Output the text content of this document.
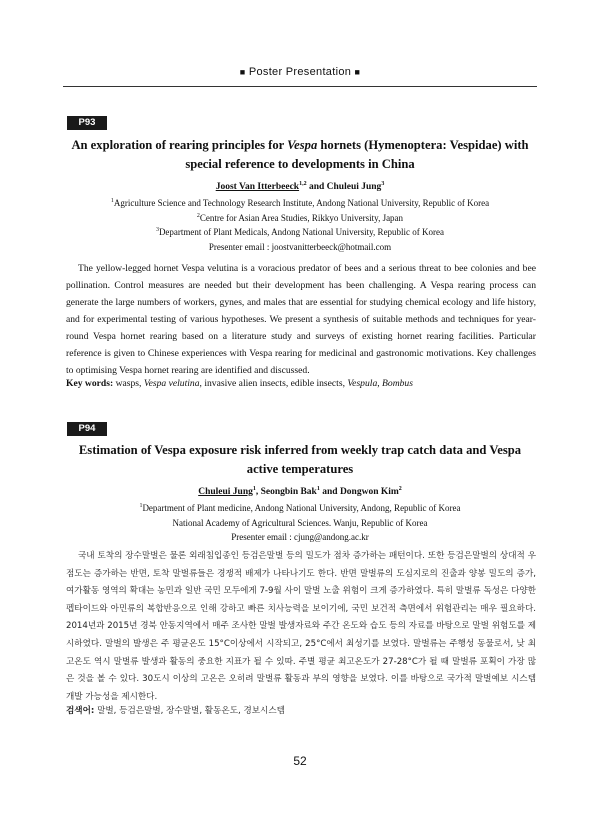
■ Poster Presentation ■
P93
An exploration of rearing principles for Vespa hornets (Hymenoptera: Vespidae) with special reference to developments in China
Joost Van Itterbeeck$^{1,2}$ and Chuleui Jung$^3$
$^1$Agriculture Science and Technology Research Institute, Andong National University, Republic of Korea
$^2$Centre for Asian Area Studies, Rikkyo University, Japan
$^3$Department of Plant Medicals, Andong National University, Republic of Korea
Presenter email : joostvanitterbeeck@hotmail.com

The yellow-legged hornet Vespa velutina is a voracious predator of bees and a serious threat to bee colonies and bee pollination. Control measures are needed but their development has been challenging. A Vespa rearing process can generate the large numbers of workers, gynes, and males that are essential for studying chemical ecology and life history, and for experimental testing of various hypotheses. We present a synthesis of suitable methods and techniques for year-round Vespa hornet rearing based on a literature study and surveys of existing hornet rearing facilities. Particular reference is given to Chinese experiences with Vespa rearing for medicinal and gastronomic motivations. Key challenges to optimising Vespa hornet rearing are identified and discussed.

Key words: wasps, Vespa velutina, invasive alien insects, edible insects, Vespula, Bombus
P94
Estimation of Vespa exposure risk inferred from weekly trap catch data and Vespa active temperatures
Chuleui Jung$^1$, Seongbin Bak$^1$ and Dongwon Kim$^2$
$^1$Department of Plant medicine, Andong National University, Andong, Republic of Korea
National Academy of Agricultural Sciences. Wanju, Republic of Korea
Presenter email : cjung@andong.ac.kr

국내 토착의 장수말벌은 물론 외래침입종인 등검은말벌 등의 밀도가 점차 증가하는 패턴이다. 또한 등검은말벌의 상대적 우점도는 증가하는 반면, 토착 말벌류들은 경쟁적 배제가 나타나기도 한다. 반면 말벌류의 도심지로의 진출과 양봉 밀도의 증가, 여가활동 영역의 확대는 농민과 일반 국민 모두에게 7-9월 사이 말벌 노출 위험이 크게 증가하였다. 특히 말벌류 독성은 다양한 펩타이드와 아민류의 복합반응으로 인해 강하고 빠른 치사능력을 보이기에, 국민 보건적 측면에서 위험관리는 매우 필요하다. 2014년과 2015년 경북 안동지역에서 매주 조사한 말벌 발생자료와 주간 온도와 습도 등의 자료를 바탕으로 말벌 위험도를 제시하였다. 말벌의 발생은 주 평균온도 15°C이상에서 시작되고, 25°C에서 최성기를 보였다. 말벌류는 주행성 동물로서, 낮 최고온도 역시 말벌류 발생과 활동의 중요한 지표가 될 수 있따. 주별 평균 최고온도가 27-28°C가 될 때 말벌류 포획이 가장 많은 것을 볼 수 있다. 30도시 이상의 고온은 오히려 말벌류 활동과 부의 영향을 보였다. 이를 바탕으로 국가적 말벌예보 시스템 개발 가능성을 제시한다.

검색어: 말벌, 등검은말벌, 장수말벌, 활동온도, 경보시스템
52
